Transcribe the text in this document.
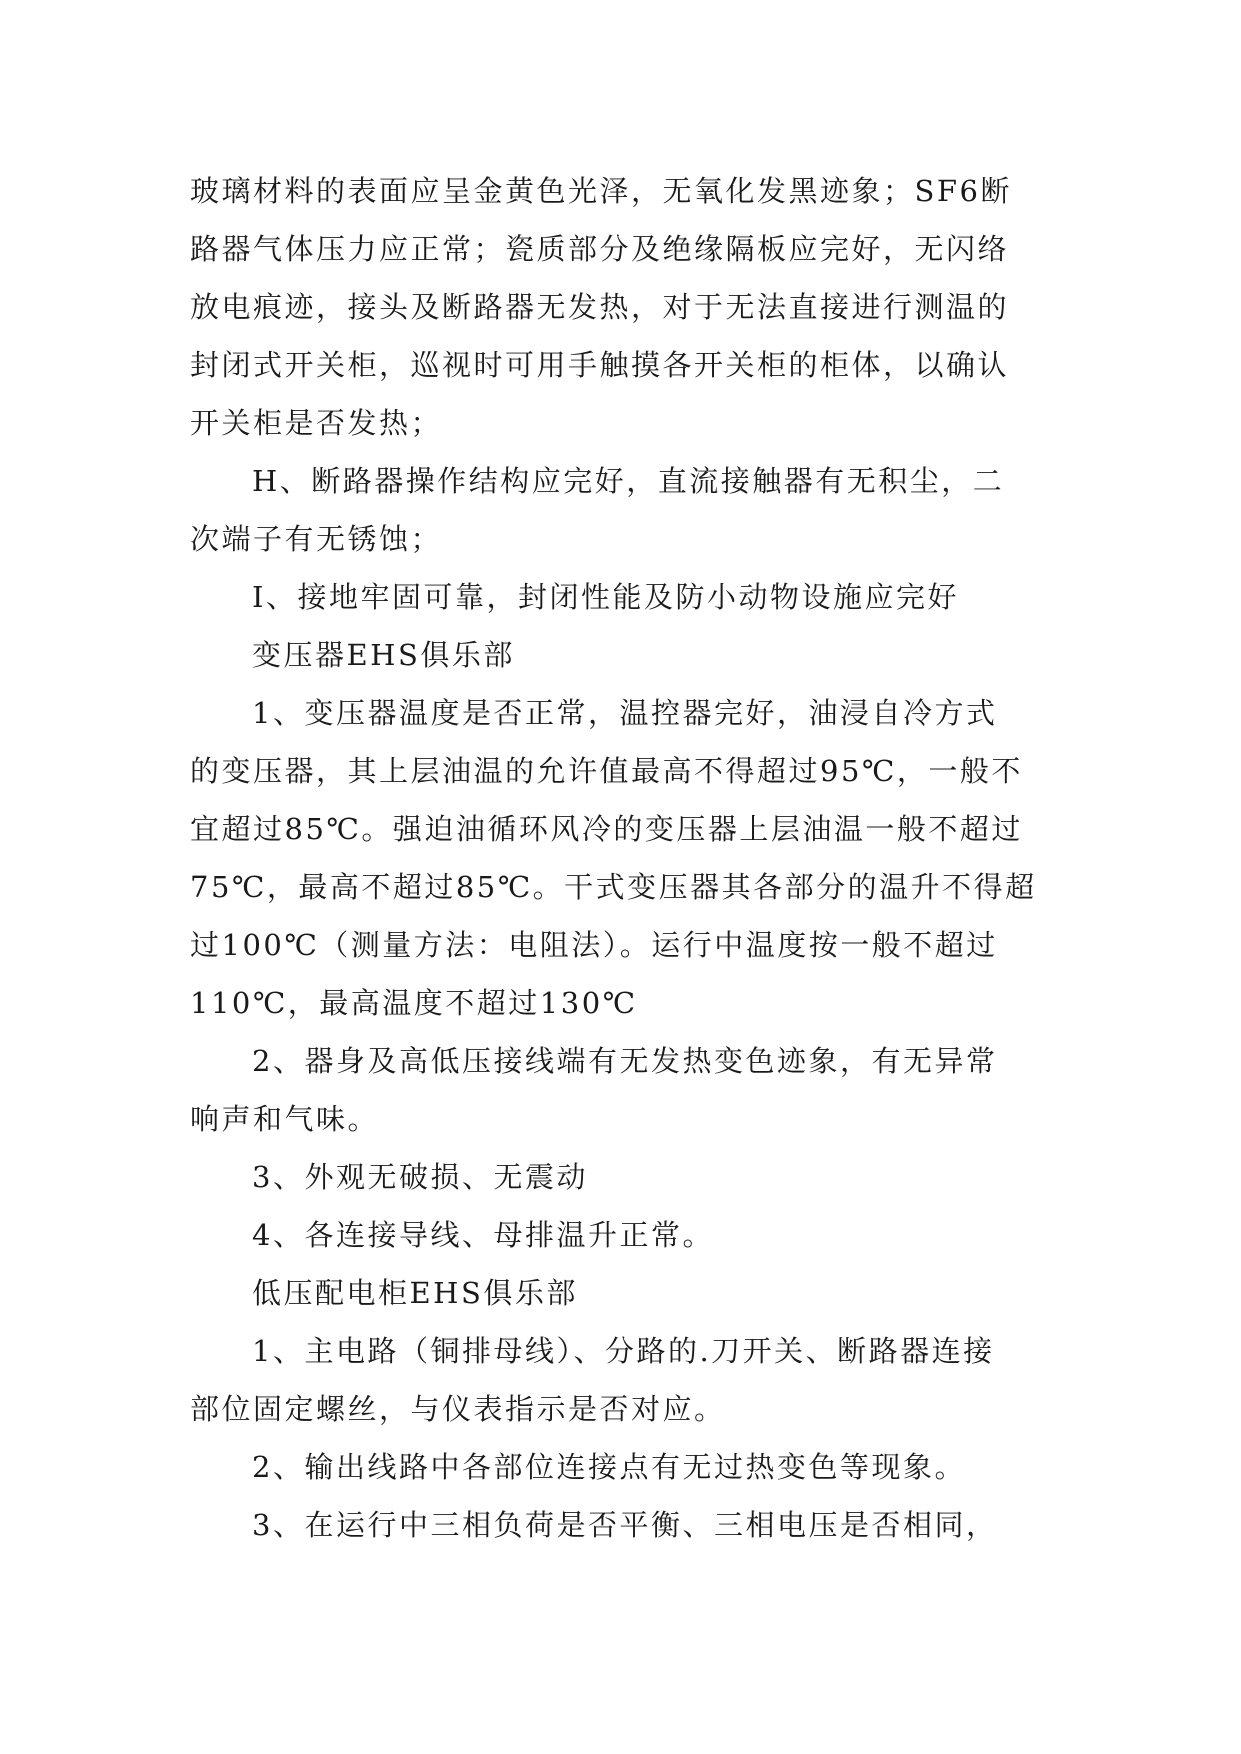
玻璃材料的表面应呈金黄色光泽，无氧化发黑迹象；SF6断
路器气体压力应正常；瓷质部分及绝缘隔板应完好，无闪络
放电痕迹，接头及断路器无发热，对于无法直接进行测温的
封闭式开关柜，巡视时可用手触摸各开关柜的柜体，以确认
开关柜是否发热；
H、断路器操作结构应完好，直流接触器有无积尘，二
次端子有无锈蚀；
I、接地牢固可靠，封闭性能及防小动物设施应完好
变压器EHS俱乐部
1、变压器温度是否正常，温控器完好，油浸自冷方式
的变压器，其上层油温的允许值最高不得超过95℃，一般不
宜超过85℃。强迫油循环风冷的变压器上层油温一般不超过
75℃，最高不超过85℃。干式变压器其各部分的温升不得超
过100℃（测量方法：电阻法）。运行中温度按一般不超过
110℃，最高温度不超过130℃
2、器身及高低压接线端有无发热变色迹象，有无异常
响声和气味。
3、外观无破损、无震动
4、各连接导线、母排温升正常。
低压配电柜EHS俱乐部
1、主电路（铜排母线）、分路的.刀开关、断路器连接
部位固定螺丝，与仪表指示是否对应。
2、输出线路中各部位连接点有无过热变色等现象。
3、在运行中三相负荷是否平衡、三相电压是否相同，
